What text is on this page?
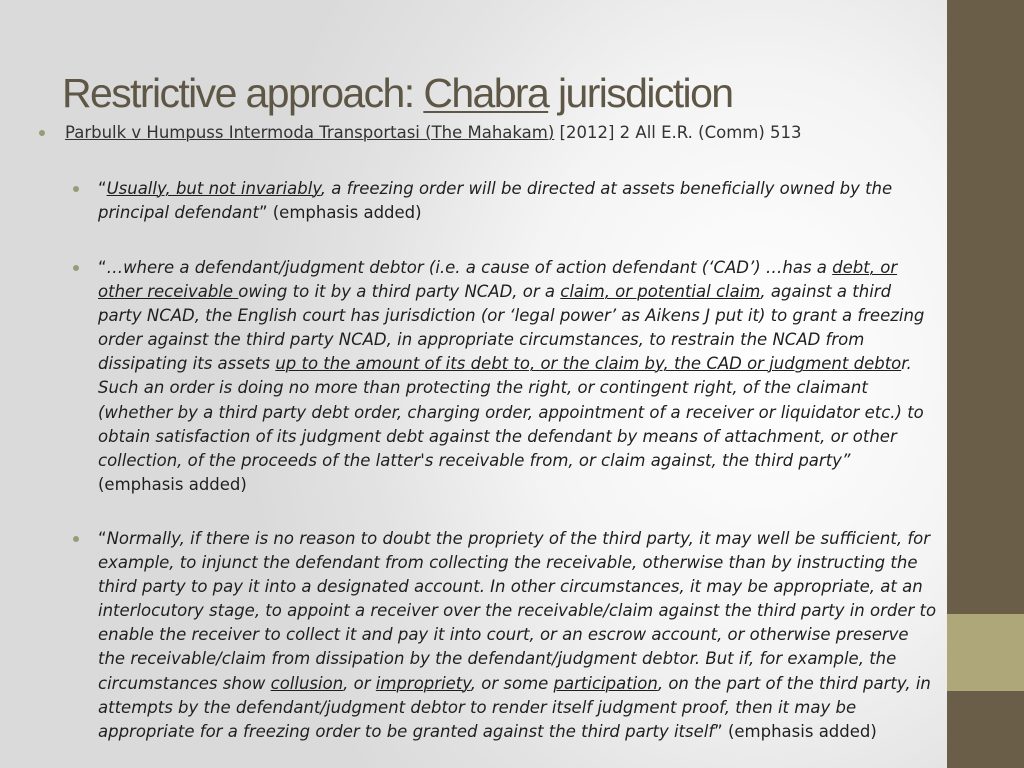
Restrictive approach: Chabra jurisdiction
Parbulk v Humpuss Intermoda Transportasi (The Mahakam) [2012] 2 All E.R. (Comm) 513
“Usually, but not invariably, a freezing order will be directed at assets beneficially owned by the principal defendant” (emphasis added)
“…where a defendant/judgment debtor (i.e. a cause of action defendant (‘CAD’) …has a debt, or other receivable owing to it by a third party NCAD, or a claim, or potential claim, against a third party NCAD, the English court has jurisdiction (or ‘legal power’ as Aikens J put it) to grant a freezing order against the third party NCAD, in appropriate circumstances, to restrain the NCAD from dissipating its assets up to the amount of its debt to, or the claim by, the CAD or judgment debtor. Such an order is doing no more than protecting the right, or contingent right, of the claimant (whether by a third party debt order, charging order, appointment of a receiver or liquidator etc.) to obtain satisfaction of its judgment debt against the defendant by means of attachment, or other collection, of the proceeds of the latter's receivable from, or claim against, the third party” (emphasis added)
“Normally, if there is no reason to doubt the propriety of the third party, it may well be sufficient, for example, to injunct the defendant from collecting the receivable, otherwise than by instructing the third party to pay it into a designated account. In other circumstances, it may be appropriate, at an interlocutory stage, to appoint a receiver over the receivable/claim against the third party in order to enable the receiver to collect it and pay it into court, or an escrow account, or otherwise preserve the receivable/claim from dissipation by the defendant/judgment debtor. But if, for example, the circumstances show collusion, or impropriety, or some participation, on the part of the third party, in attempts by the defendant/judgment debtor to render itself judgment proof, then it may be appropriate for a freezing order to be granted against the third party itself” (emphasis added)
